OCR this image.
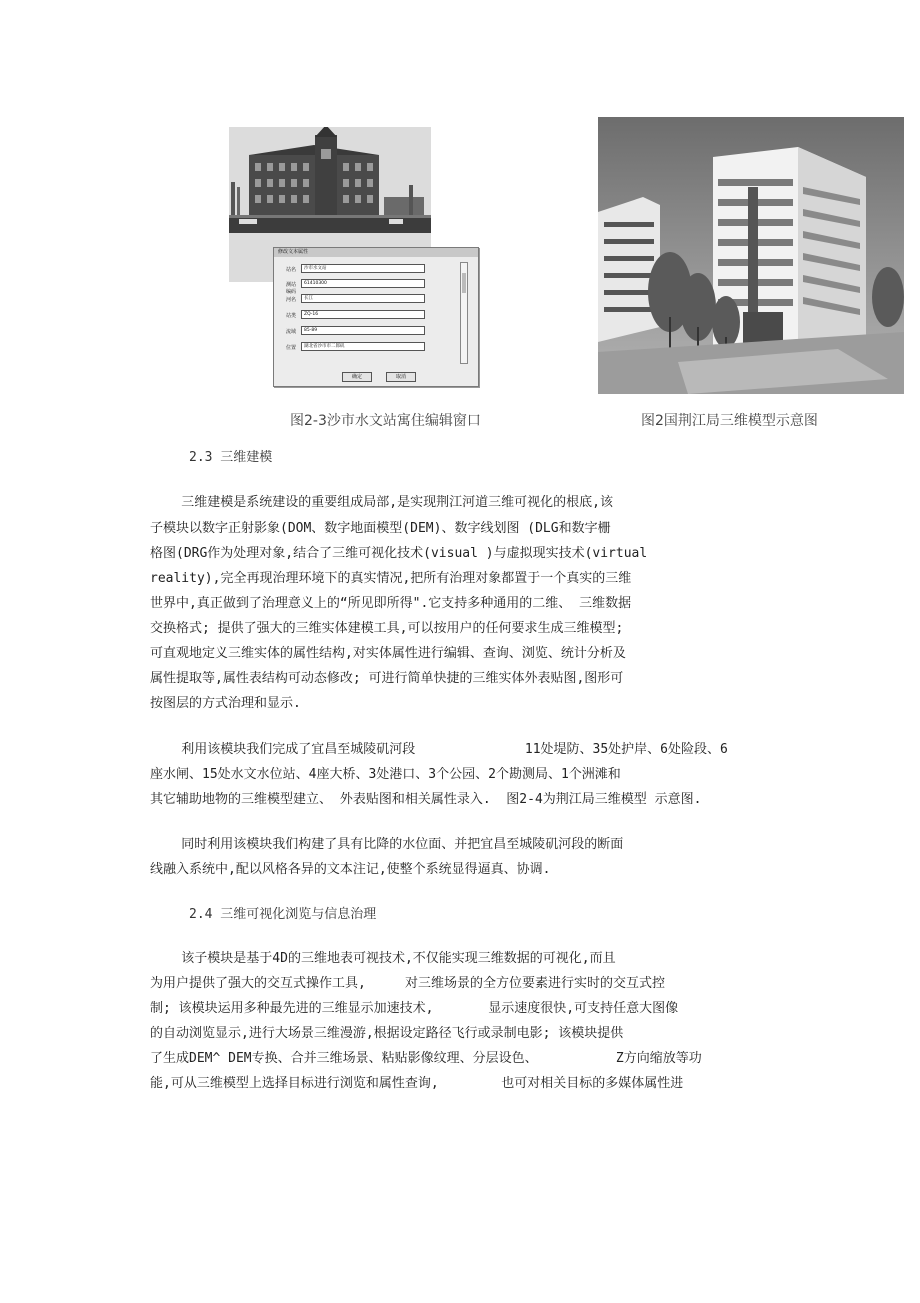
修改文本属性
站名	沙市水文站
测站编码
61410300
河名	长江
站类	ZQ-16
流域	85-89
位置	湖北省沙市市二郎矶
确定	取消
图2-3沙市水文站寓住编辑窗口	图2国荆江局三维模型示意图
2.3 三维建模
三维建模是系统建设的重要组成局部,是实现荆江河道三维可视化的根底,该
子模块以数字正射影象(DOM、数字地面模型(DEM)、数字线划图 (DLG和数字栅
格图(DRG作为处理对象,结合了三维可视化技术(visual )与虚拟现实技术(virtual
reality),完全再现治理环境下的真实情况,把所有治理对象都置于一个真实的三维
世界中,真正做到了治理意义上的“所见即所得".它支持多种通用的二维、 三维数据
交换格式; 提供了强大的三维实体建模工具,可以按用户的任何要求生成三维模型;
可直观地定义三维实体的属性结构,对实体属性进行编辑、查询、浏览、统计分析及
属性提取等,属性表结构可动态修改; 可进行简单快捷的三维实体外表贴图,图形可
按图层的方式治理和显示.
利用该模块我们完成了宜昌至城陵矶河段              11处堤防、35处护岸、6处险段、6
座水闸、15处水文水位站、4座大桥、3处港口、3个公园、2个勘测局、1个洲滩和
其它辅助地物的三维模型建立、 外表贴图和相关属性录入.  图2-4为荆江局三维模型 示意图.
同时利用该模块我们构建了具有比降的水位面、并把宜昌至城陵矶河段的断面
线融入系统中,配以风格各异的文本注记,使整个系统显得逼真、协调.
2.4 三维可视化浏览与信息治理
该子模块是基于4D的三维地表可视技术,不仅能实现三维数据的可视化,而且
为用户提供了强大的交互式操作工具,     对三维场景的全方位要素进行实时的交互式控
制; 该模块运用多种最先进的三维显示加速技术,       显示速度很快,可支持任意大图像
的自动浏览显示,进行大场景三维漫游,根据设定路径飞行或录制电影; 该模块提供
了生成DEM^ DEM专换、合并三维场景、粘贴影像纹理、分层设色、          Z方向缩放等功
能,可从三维模型上选择目标进行浏览和属性查询,        也可对相关目标的多媒体属性进
